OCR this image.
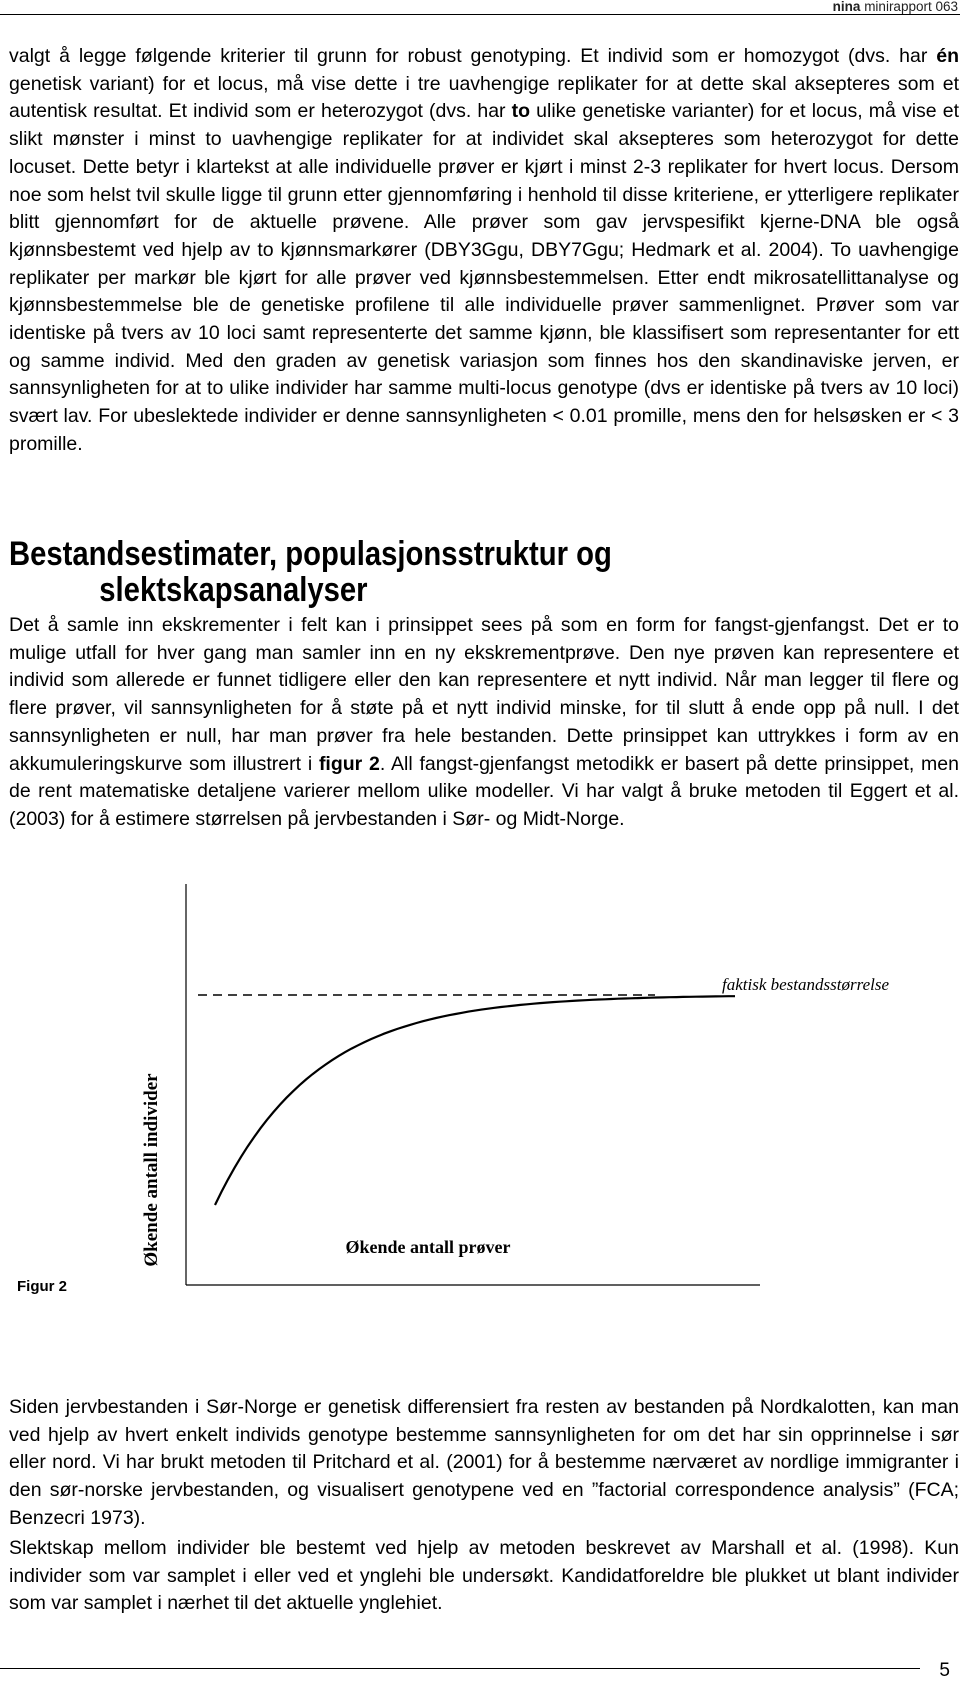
nina minirapport 063

valgt å legge følgende kriterier til grunn for robust genotyping. Et individ som er homozygot (dvs. har én genetisk variant) for et locus, må vise dette i tre uavhengige replikater for at dette skal aksepteres som et autentisk resultat. Et individ som er heterozygot (dvs. har to ulike genetiske varianter) for et locus, må vise et slikt mønster i minst to uavhengige replikater for at individet skal aksepteres som heterozygot for dette locuset. Dette betyr i klartekst at alle individuelle prøver er kjørt i minst 2-3 replikater for hvert locus. Dersom noe som helst tvil skulle ligge til grunn etter gjennomføring i henhold til disse kriteriene, er ytterligere replikater blitt gjennomført for de aktuelle prøvene. Alle prøver som gav jervspesifikt kjerne-DNA ble også kjønnsbestemt ved hjelp av to kjønnsmarkører (DBY3Ggu, DBY7Ggu; Hedmark et al. 2004). To uavhengige replikater per markør ble kjørt for alle prøver ved kjønnsbestemmelsen. Etter endt mikrosatellittanalyse og kjønnsbestemmelse ble de genetiske profilene til alle individuelle prøver sammenlignet. Prøver som var identiske på tvers av 10 loci samt representerte det samme kjønn, ble klassifisert som representanter for ett og samme individ. Med den graden av genetisk variasjon som finnes hos den skandinaviske jerven, er sannsynligheten for at to ulike individer har samme multi-locus genotype (dvs er identiske på tvers av 10 loci) svært lav. For ubeslektede individer er denne sannsynligheten < 0.01 promille, mens den for helsøsken er < 3 promille.

Bestandsestimater, populasjonsstruktur og
slektskapsanalyser

Det å samle inn ekskrementer i felt kan i prinsippet sees på som en form for fangst-gjenfangst. Det er to mulige utfall for hver gang man samler inn en ny ekskrementprøve. Den nye prøven kan representere et individ som allerede er funnet tidligere eller den kan representere et nytt individ. Når man legger til flere og flere prøver, vil sannsynligheten for å støte på et nytt individ minske, for til slutt å ende opp på null. I det sannsynligheten er null, har man prøver fra hele bestanden. Dette prinsippet kan uttrykkes i form av en akkumuleringskurve som illustrert i figur 2. All fangst-gjenfangst metodikk er basert på dette prinsippet, men de rent matematiske detaljene varierer mellom ulike modeller. Vi har valgt å bruke metoden til Eggert et al. (2003) for å estimere størrelsen på jervbestanden i Sør- og Midt-Norge.

faktisk bestandsstørrelse
Økende antall individer	Økende antall prøver
Figur 2

Siden jervbestanden i Sør-Norge er genetisk differensiert fra resten av bestanden på Nordkalotten, kan man ved hjelp av hvert enkelt individs genotype bestemme sannsynligheten for om det har sin opprinnelse i sør eller nord. Vi har brukt metoden til Pritchard et al. (2001) for å bestemme nærværet av nordlige immigranter i den sør-norske jervbestanden, og visualisert genotypene ved en ”factorial correspondence analysis” (FCA; Benzecri 1973).

Slektskap mellom individer ble bestemt ved hjelp av metoden beskrevet av Marshall et al. (1998). Kun individer som var samplet i eller ved et ynglehi ble undersøkt. Kandidatforeldre ble plukket ut blant individer som var samplet i nærhet til det aktuelle ynglehiet.

5
